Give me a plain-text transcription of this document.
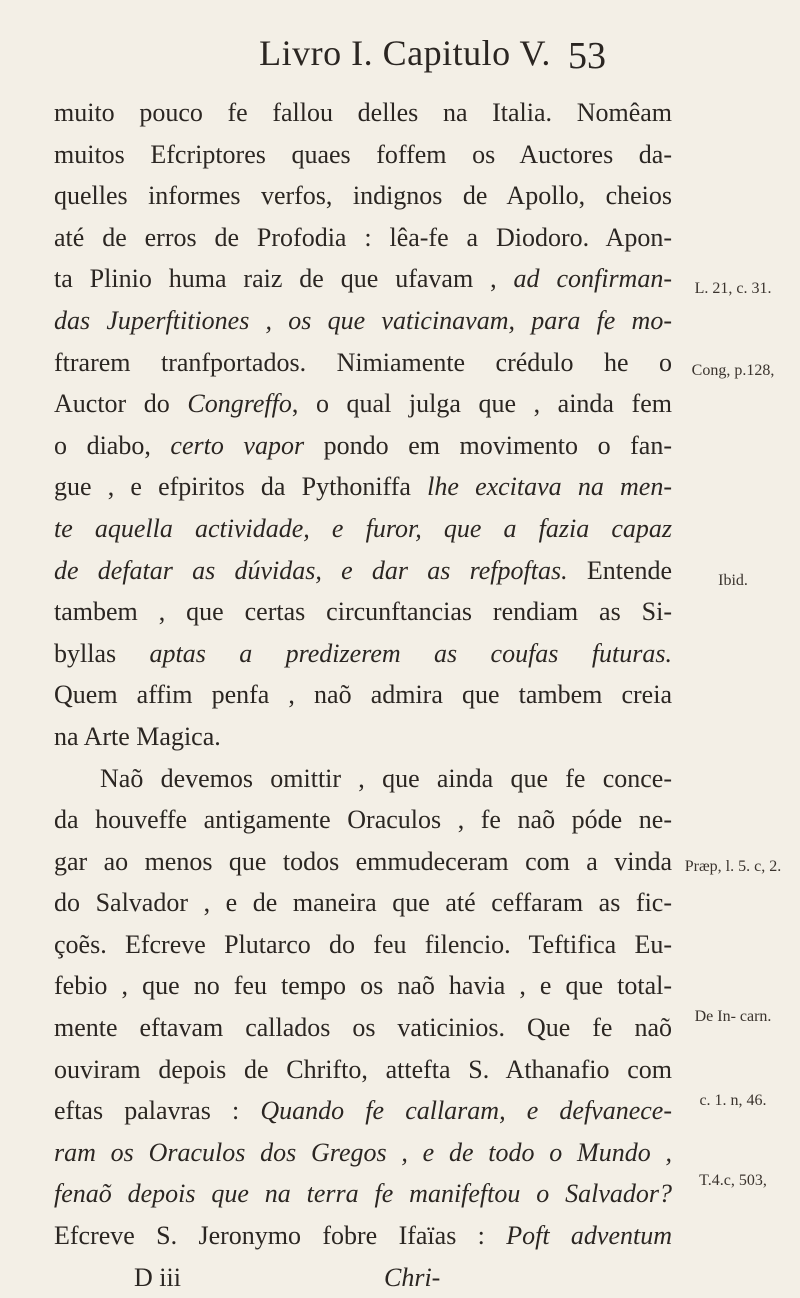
Livro I. Capitulo V. 53
muito pouco fe fallou delles na Italia. Nomêam
muitos Efcriptores quaes foffem os Auctores da-
quelles informes verfos, indignos de Apollo, cheios
até de erros de Profodia : lêa-fe a Diodoro. Apon-
ta Plinio huma raiz de que ufavam , ad confirman-
das Juperftitiones , os que vaticinavam, para fe mo-
ftrarem tranfportados. Nimiamente crédulo he o
Auctor do Congreffo, o qual julga que , ainda fem
o diabo, certo vapor pondo em movimento o fan-
gue , e efpiritos da Pythoniffa lhe excitava na men-
te aquella actividade, e furor, que a fazia capaz
de defatar as dúvidas, e dar as refpoftas. Entende
tambem , que certas circunftancias rendiam as Si-
byllas aptas a predizerem as coufas futuras.
Quem affim penfa , naõ admira que tambem creia
na Arte Magica.
Naõ devemos omittir , que ainda que fe conce-
da houveffe antigamente Oraculos , fe naõ póde ne-
gar ao menos que todos emmudeceram com a vinda
do Salvador , e de maneira que até ceffaram as fic-
çoẽs. Efcreve Plutarco do feu filencio. Teftifica Eu-
febio , que no feu tempo os naõ havia , e que total-
mente eftavam callados os vaticinios. Que fe naõ
ouviram depois de Chrifto, attefta S. Athanafio com
eftas palavras : Quando fe callaram, e defvanece-
ram os Oraculos dos Gregos , e de todo o Mundo ,
fenaõ depois que na terra fe manifeftou o Salvador?
Efcreve S. Jeronymo fobre Ifaïas : Poft adventum
D iii	Chri-
L. 21, c. 31.
Cong, p.128,
Ibid.
Præp, l. 5. c, 2.
De In- carn.
c. 1. n, 46.
T.4.c, 503,
